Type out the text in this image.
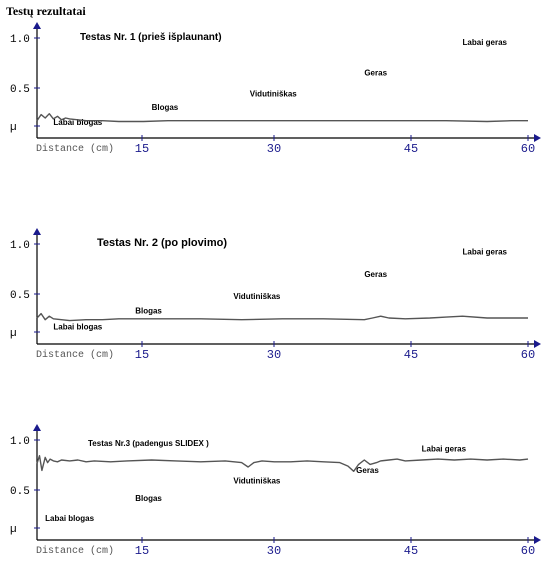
Testų rezultatai
1.0
0.5
µ
15	30	45	60
Distance (cm)
Testas Nr. 1 (prieš išplaunant)
Labai blogas
Blogas
Vidutiniškas
Geras
Labai geras
1.0
0.5
µ
15	30	45	60
Distance (cm)
Testas Nr. 2 (po plovimo)
Labai blogas
Blogas
Vidutiniškas
Geras
Labai geras
1.0
0.5
µ
15	30	45	60
Distance (cm)
Testas Nr.3 (padengus SLIDEX )
Labai blogas
Blogas
Vidutiniškas
Geras
Labai geras
